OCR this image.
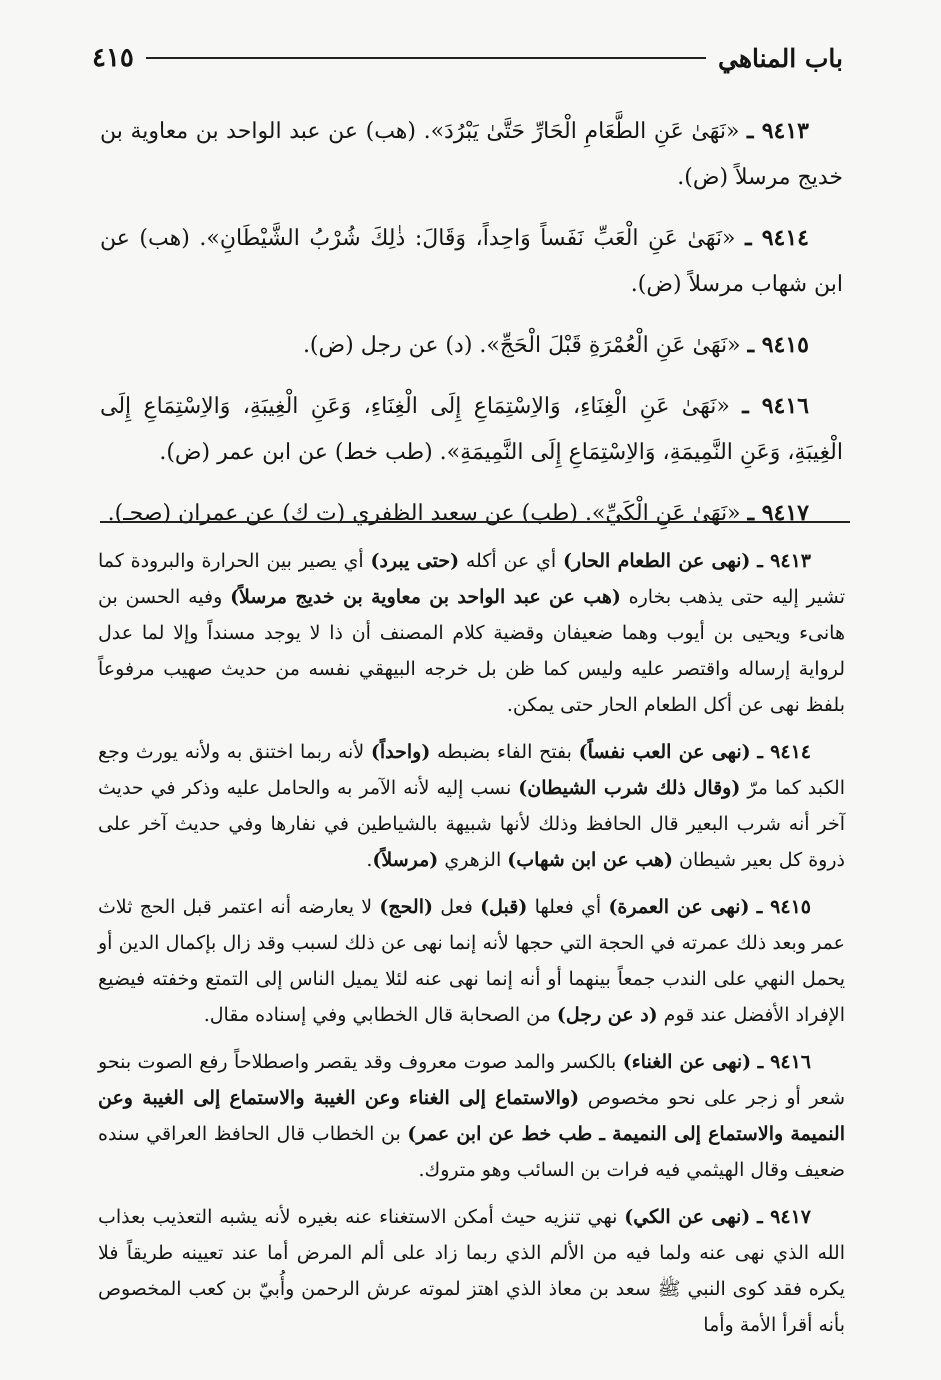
باب المناهي
٤١٥

٩٤١٣ ـ «نَهَىٰ عَنِ الطَّعَامِ الْحَارِّ حَتَّىٰ يَبْرُدَ». (هب) عن عبد الواحد بن معاوية بن خديج مرسلاً (ض).

٩٤١٤ ـ «نَهَىٰ عَنِ الْعَبِّ نَفَساً وَاحِداً، وَقَالَ: ذٰلِكَ شُرْبُ الشَّيْطَانِ». (هب) عن ابن شهاب مرسلاً (ض).

٩٤١٥ ـ «نَهَىٰ عَنِ الْعُمْرَةِ قَبْلَ الْحَجِّ». (د) عن رجل (ض).

٩٤١٦ ـ «نَهَىٰ عَنِ الْغِنَاءِ، وَالاِسْتِمَاعِ إِلَى الْغِنَاءِ، وَعَنِ الْغِيبَةِ، وَالاِسْتِمَاعِ إِلَى الْغِيبَةِ، وَعَنِ النَّمِيمَةِ، وَالاِسْتِمَاعِ إِلَى النَّمِيمَةِ». (طب خط) عن ابن عمر (ض).

٩٤١٧ ـ «نَهَىٰ عَنِ الْكَيِّ». (طب) عن سعيد الظفري (ت ك) عن عمران (صحـ).

٩٤١٣ ـ (نهى عن الطعام الحار) أي عن أكله (حتى يبرد) أي يصير بين الحرارة والبرودة كما تشير إليه حتى يذهب بخاره (هب عن عبد الواحد بن معاوية بن خديج مرسلاً) وفيه الحسن بن هانىء ويحيى بن أيوب وهما ضعيفان وقضية كلام المصنف أن ذا لا يوجد مسنداً وإلا لما عدل لرواية إرساله واقتصر عليه وليس كما ظن بل خرجه البيهقي نفسه من حديث صهيب مرفوعاً بلفظ نهى عن أكل الطعام الحار حتى يمكن.

٩٤١٤ ـ (نهى عن العب نفساً) بفتح الفاء بضبطه (واحداً) لأنه ربما اختنق به ولأنه يورث وجع الكبد كما مرّ (وقال ذلك شرب الشيطان) نسب إليه لأنه الآمر به والحامل عليه وذكر في حديث آخر أنه شرب البعير قال الحافظ وذلك لأنها شبيهة بالشياطين في نفارها وفي حديث آخر على ذروة كل بعير شيطان (هب عن ابن شهاب) الزهري (مرسلاً).

٩٤١٥ ـ (نهى عن العمرة) أي فعلها (قبل) فعل (الحج) لا يعارضه أنه اعتمر قبل الحج ثلاث عمر وبعد ذلك عمرته في الحجة التي حجها لأنه إنما نهى عن ذلك لسبب وقد زال بإكمال الدين أو يحمل النهي على الندب جمعاً بينهما أو أنه إنما نهى عنه لئلا يميل الناس إلى التمتع وخفته فيضيع الإفراد الأفضل عند قوم (د عن رجل) من الصحابة قال الخطابي وفي إسناده مقال.

٩٤١٦ ـ (نهى عن الغناء) بالكسر والمد صوت معروف وقد يقصر واصطلاحاً رفع الصوت بنحو شعر أو زجر على نحو مخصوص (والاستماع إلى الغناء وعن الغيبة والاستماع إلى الغيبة وعن النميمة والاستماع إلى النميمة ـ طب خط عن ابن عمر) بن الخطاب قال الحافظ العراقي سنده ضعيف وقال الهيثمي فيه فرات بن السائب وهو متروك.

٩٤١٧ ـ (نهى عن الكي) نهي تنزيه حيث أمكن الاستغناء عنه بغيره لأنه يشبه التعذيب بعذاب الله الذي نهى عنه ولما فيه من الألم الذي ربما زاد على ألم المرض أما عند تعيينه طريقاً فلا يكره فقد كوى النبي ﷺ سعد بن معاذ الذي اهتز لموته عرش الرحمن وأُبيّ بن كعب المخصوص بأنه أقرأ الأمة وأما
